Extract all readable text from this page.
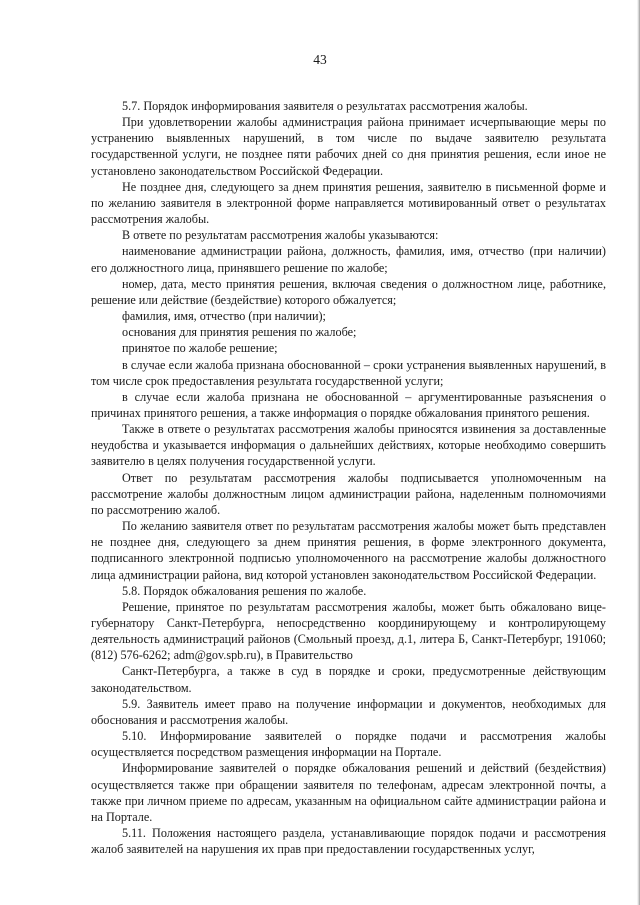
43

5.7. Порядок информирования заявителя о результатах рассмотрения жалобы.

При удовлетворении жалобы администрация района принимает исчерпывающие меры по устранению выявленных нарушений, в том числе по выдаче заявителю результата государственной услуги, не позднее пяти рабочих дней со дня принятия решения, если иное не установлено законодательством Российской Федерации.

Не позднее дня, следующего за днем принятия решения, заявителю в письменной форме и по желанию заявителя в электронной форме направляется мотивированный ответ о результатах рассмотрения жалобы.

В ответе по результатам рассмотрения жалобы указываются:

наименование администрации района, должность, фамилия, имя, отчество (при наличии) его должностного лица, принявшего решение по жалобе;

номер, дата, место принятия решения, включая сведения о должностном лице, работнике, решение или действие (бездействие) которого обжалуется;

фамилия, имя, отчество (при наличии);

основания для принятия решения по жалобе;

принятое по жалобе решение;

в случае если жалоба признана обоснованной – сроки устранения выявленных нарушений, в том числе срок предоставления результата государственной услуги;

в случае если жалоба признана не обоснованной – аргументированные разъяснения о причинах принятого решения, а также информация о порядке обжалования принятого решения.

Также в ответе о результатах рассмотрения жалобы приносятся извинения за доставленные неудобства и указывается информация о дальнейших действиях, которые необходимо совершить заявителю в целях получения государственной услуги.

Ответ по результатам рассмотрения жалобы подписывается уполномоченным на рассмотрение жалобы должностным лицом администрации района, наделенным полномочиями по рассмотрению жалоб.

По желанию заявителя ответ по результатам рассмотрения жалобы может быть представлен не позднее дня, следующего за днем принятия решения, в форме электронного документа, подписанного электронной подписью уполномоченного на рассмотрение жалобы должностного лица администрации района, вид которой установлен законодательством Российской Федерации.

5.8. Порядок обжалования решения по жалобе.

Решение, принятое по результатам рассмотрения жалобы, может быть обжаловано вице-губернатору Санкт-Петербурга, непосредственно координирующему и контролирующему деятельность администраций районов (Смольный проезд, д.1, литера Б, Санкт-Петербург, 191060; (812) 576-6262; adm@gov.spb.ru), в Правительство

Санкт-Петербурга, а также в суд в порядке и сроки, предусмотренные действующим законодательством.

5.9. Заявитель имеет право на получение информации и документов, необходимых для обоснования и рассмотрения жалобы.

5.10. Информирование заявителей о порядке подачи и рассмотрения жалобы осуществляется посредством размещения информации на Портале.

Информирование заявителей о порядке обжалования решений и действий (бездействия) осуществляется также при обращении заявителя по телефонам, адресам электронной почты, а также при личном приеме по адресам, указанным на официальном сайте администрации района и на Портале.

5.11. Положения настоящего раздела, устанавливающие порядок подачи и рассмотрения жалоб заявителей на нарушения их прав при предоставлении государственных услуг,
